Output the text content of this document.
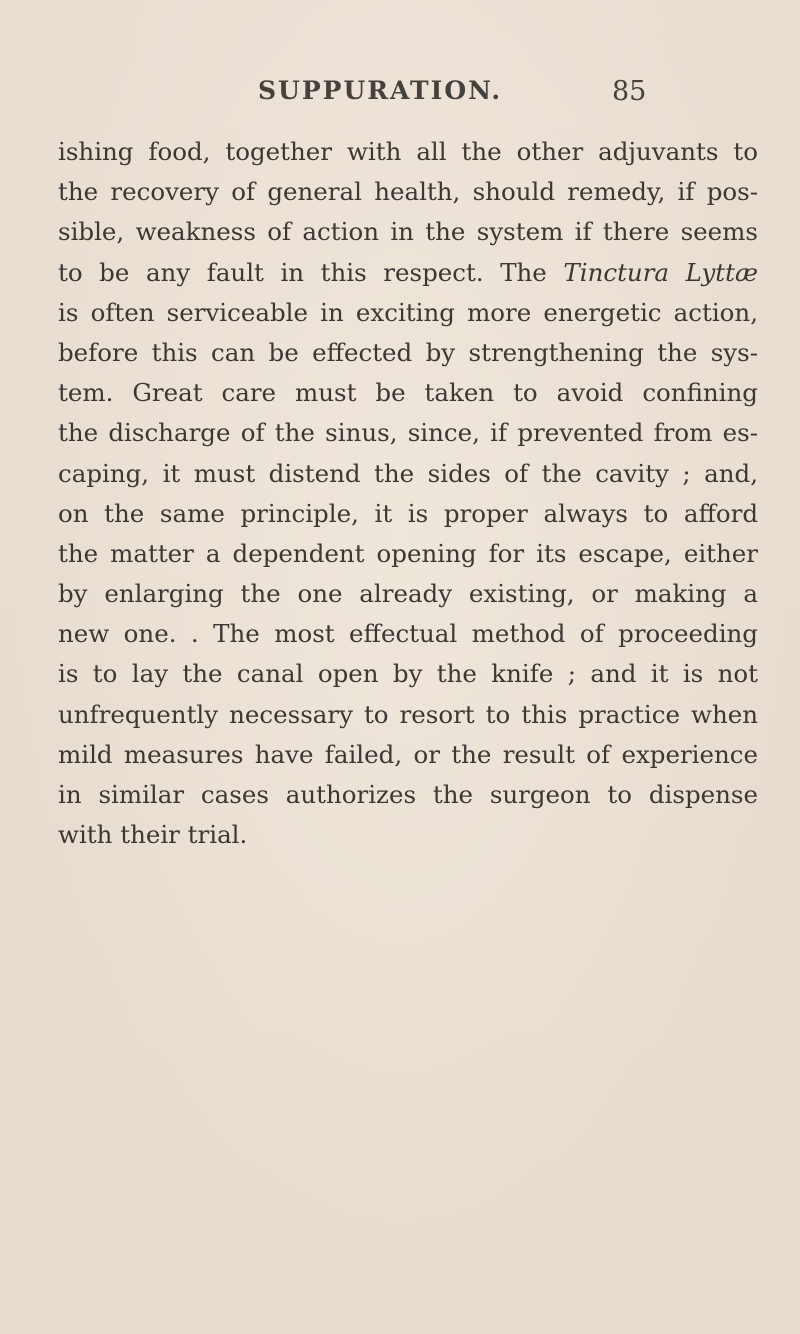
SUPPURATION.	85
ishing food, together with all the other adjuvants to
the recovery of general health, should remedy, if pos-
sible, weakness of action in the system if there seems
to be any fault in this respect. The Tinctura Lyttæ
is often serviceable in exciting more energetic action,
before this can be effected by strengthening the sys-
tem. Great care must be taken to avoid confining
the discharge of the sinus, since, if prevented from es-
caping, it must distend the sides of the cavity ; and,
on the same principle, it is proper always to afford
the matter a dependent opening for its escape, either
by enlarging the one already existing, or making a
new one. . The most effectual method of proceeding
is to lay the canal open by the knife ; and it is not
unfrequently necessary to resort to this practice when
mild measures have failed, or the result of experience
in similar cases authorizes the surgeon to dispense
with their trial.
